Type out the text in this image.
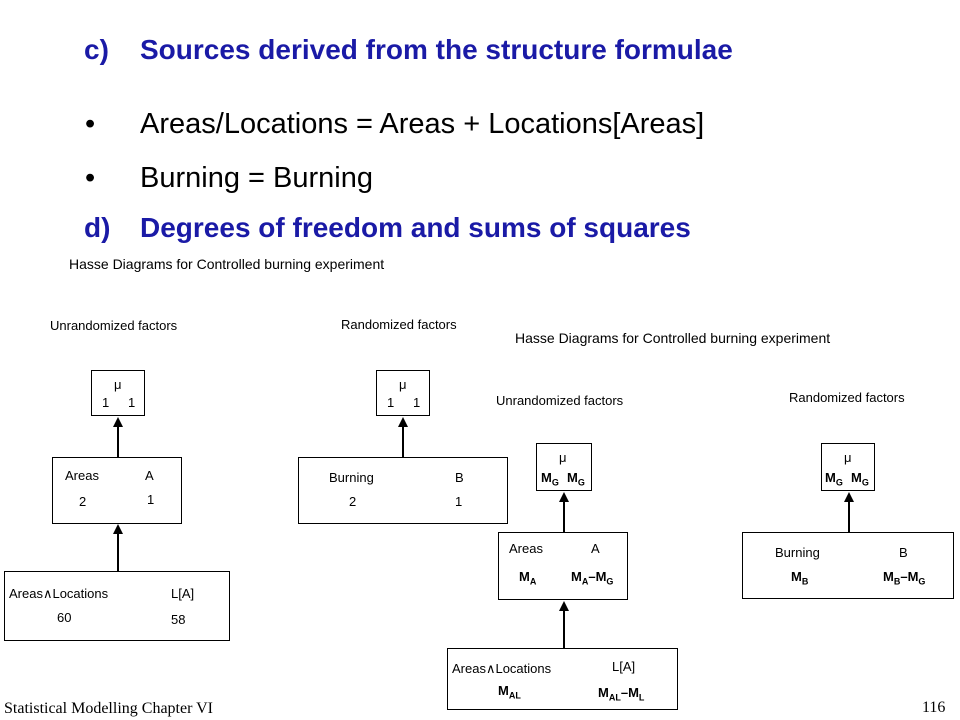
c) Sources derived from the structure formulae
• Areas/Locations = Areas + Locations[Areas]
• Burning = Burning
d) Degrees of freedom and sums of squares
Hasse Diagrams for Controlled burning experiment
Unrandomized factors	Randomized factors
μ
1 1
Areas	A
2	1
Areas∧Locations	L[A]
60	58
μ
1 1
Burning	B
2	1
Hasse Diagrams for Controlled burning experiment
Unrandomized factors	Randomized factors
μ
$M_G$ $M_G$
Areas	A
$M_A$	$M_A-M_G$
Areas∧Locations	L[A]
$M_{AL}$	$M_{AL}-M_L$
μ
$M_G$ $M_G$
Burning	B
$M_B$	$M_B-M_G$
Statistical Modelling Chapter VI	116
